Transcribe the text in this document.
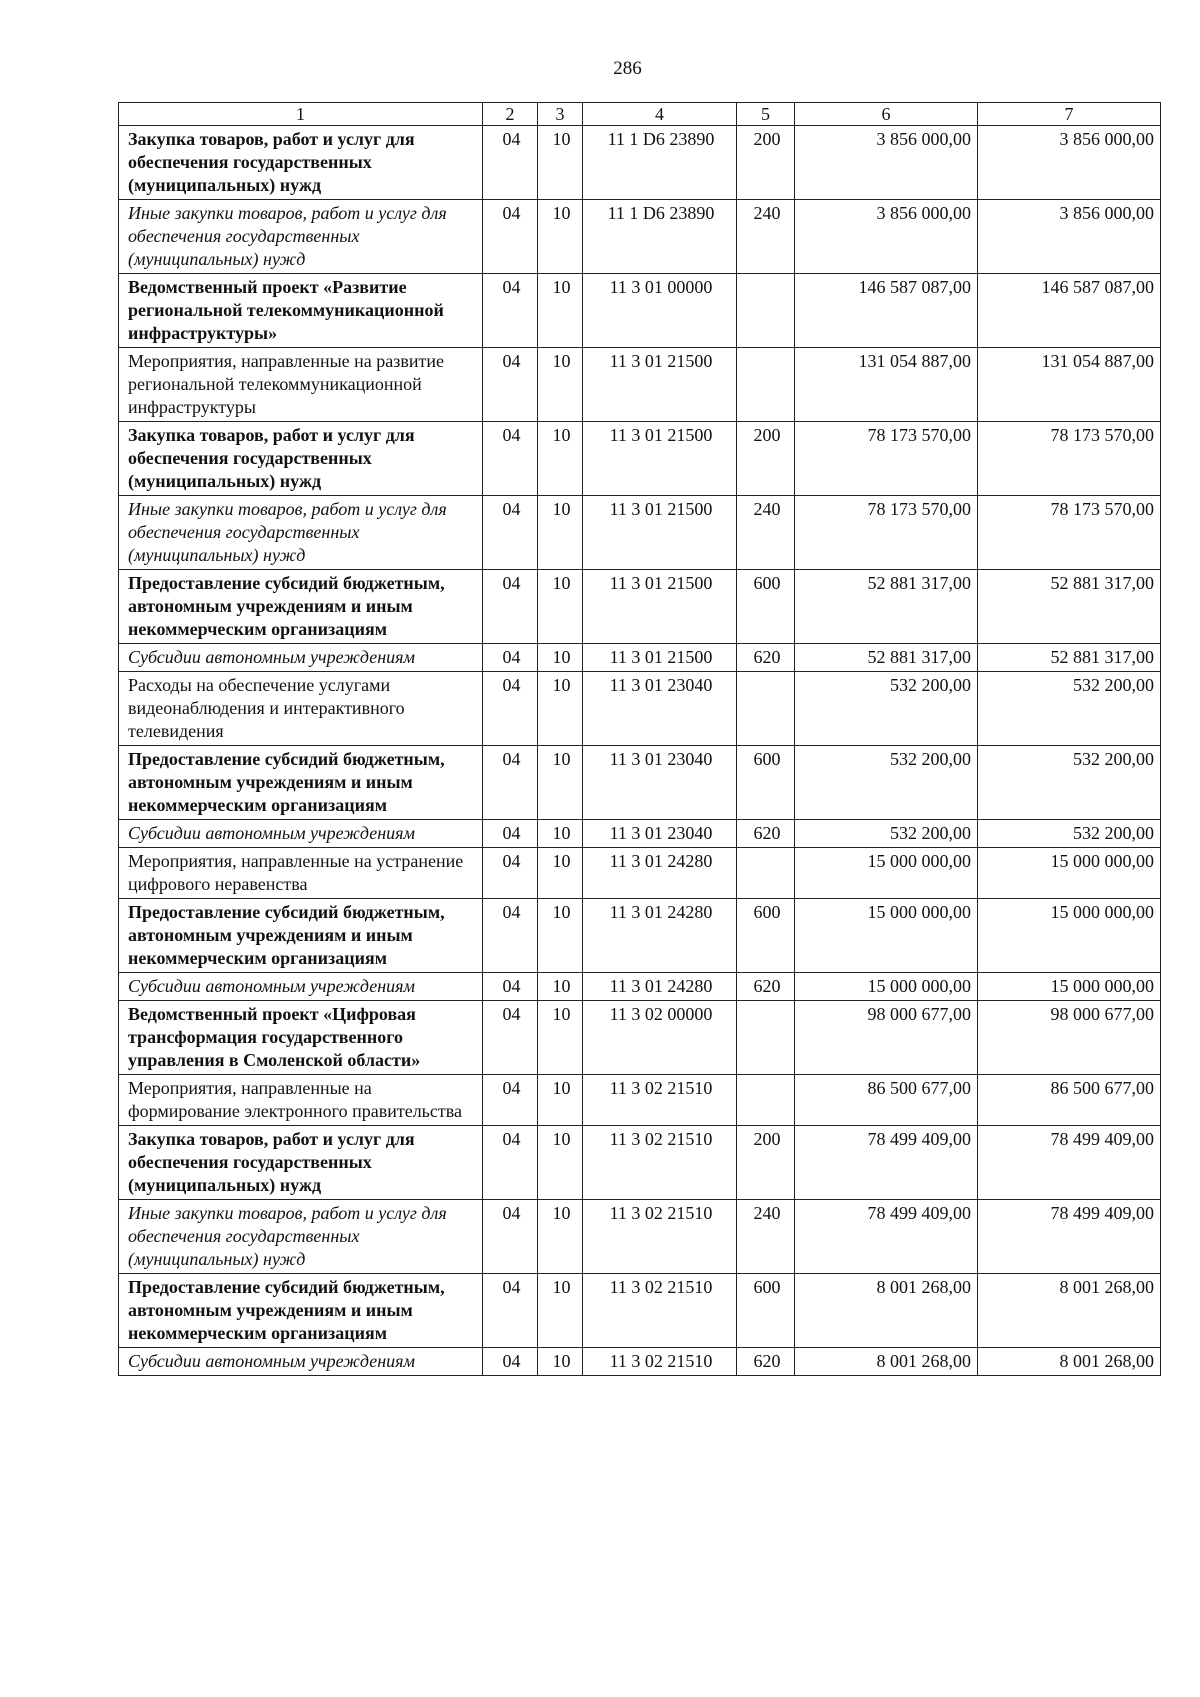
286
1	2	3	4	5	6	7
Закупка товаров, работ и услуг для обеспечения государственных (муниципальных) нужд	04	10	11 1 D6 23890	200	3 856 000,00	3 856 000,00
Иные закупки товаров, работ и услуг для обеспечения государственных (муниципальных) нужд	04	10	11 1 D6 23890	240	3 856 000,00	3 856 000,00
Ведомственный проект «Развитие региональной телекоммуникационной инфраструктуры»	04	10	11 3 01 00000		146 587 087,00	146 587 087,00
Мероприятия, направленные на развитие региональной телекоммуникационной инфраструктуры	04	10	11 3 01 21500		131 054 887,00	131 054 887,00
Закупка товаров, работ и услуг для обеспечения государственных (муниципальных) нужд	04	10	11 3 01 21500	200	78 173 570,00	78 173 570,00
Иные закупки товаров, работ и услуг для обеспечения государственных (муниципальных) нужд	04	10	11 3 01 21500	240	78 173 570,00	78 173 570,00
Предоставление субсидий бюджетным, автономным учреждениям и иным некоммерческим организациям	04	10	11 3 01 21500	600	52 881 317,00	52 881 317,00
Субсидии автономным учреждениям	04	10	11 3 01 21500	620	52 881 317,00	52 881 317,00
Расходы на обеспечение услугами видеонаблюдения и интерактивного телевидения	04	10	11 3 01 23040		532 200,00	532 200,00
Предоставление субсидий бюджетным, автономным учреждениям и иным некоммерческим организациям	04	10	11 3 01 23040	600	532 200,00	532 200,00
Субсидии автономным учреждениям	04	10	11 3 01 23040	620	532 200,00	532 200,00
Мероприятия, направленные на устранение цифрового неравенства	04	10	11 3 01 24280		15 000 000,00	15 000 000,00
Предоставление субсидий бюджетным, автономным учреждениям и иным некоммерческим организациям	04	10	11 3 01 24280	600	15 000 000,00	15 000 000,00
Субсидии автономным учреждениям	04	10	11 3 01 24280	620	15 000 000,00	15 000 000,00
Ведомственный проект «Цифровая трансформация государственного управления в Смоленской области»	04	10	11 3 02 00000		98 000 677,00	98 000 677,00
Мероприятия, направленные на формирование электронного правительства	04	10	11 3 02 21510		86 500 677,00	86 500 677,00
Закупка товаров, работ и услуг для обеспечения государственных (муниципальных) нужд	04	10	11 3 02 21510	200	78 499 409,00	78 499 409,00
Иные закупки товаров, работ и услуг для обеспечения государственных (муниципальных) нужд	04	10	11 3 02 21510	240	78 499 409,00	78 499 409,00
Предоставление субсидий бюджетным, автономным учреждениям и иным некоммерческим организациям	04	10	11 3 02 21510	600	8 001 268,00	8 001 268,00
Субсидии автономным учреждениям	04	10	11 3 02 21510	620	8 001 268,00	8 001 268,00
